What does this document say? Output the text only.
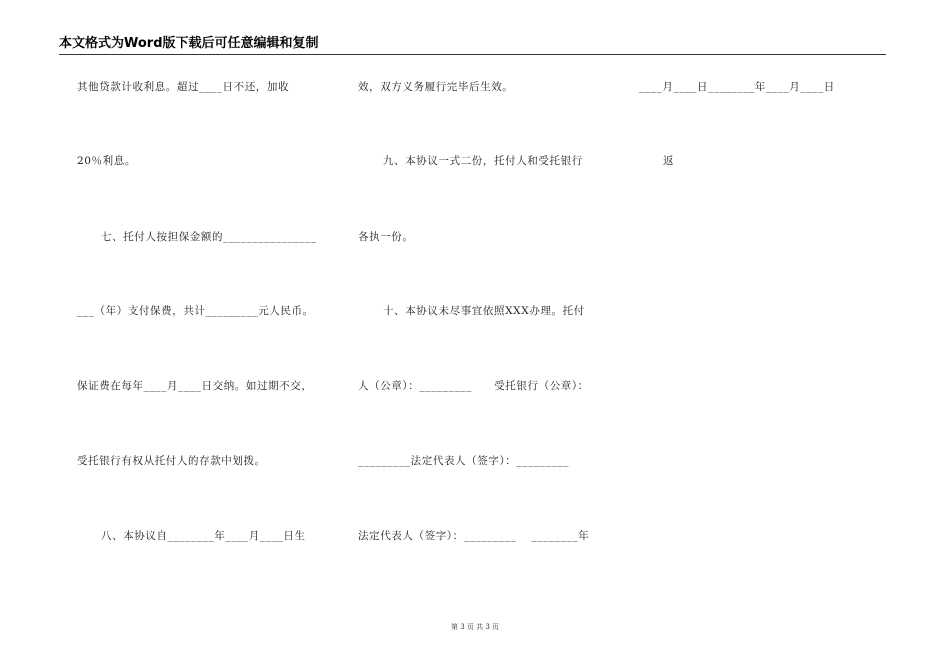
本文格式为Word版下载后可任意编辑和复制
其他贷款计收利息。超过____日不还，加收
20％利息。
七、托付人按担保金额的________________
___（年）支付保费，共计_________元人民币。
保证费在每年____月____日交纳。如过期不交，
受托银行有权从托付人的存款中划拨。
八、本协议自________年____月____日生
效，双方义务履行完毕后生效。
九、本协议一式二份，托付人和受托银行
各执一份。
十、本协议未尽事宜依照XXX办理。托付
人（公章）：_________　　受托银行（公章）：
_________法定代表人（签字）：_________
法定代表人（签字）：_________　 ________年
____月____日________年____月____日
返
第 3 页 共 3 页
